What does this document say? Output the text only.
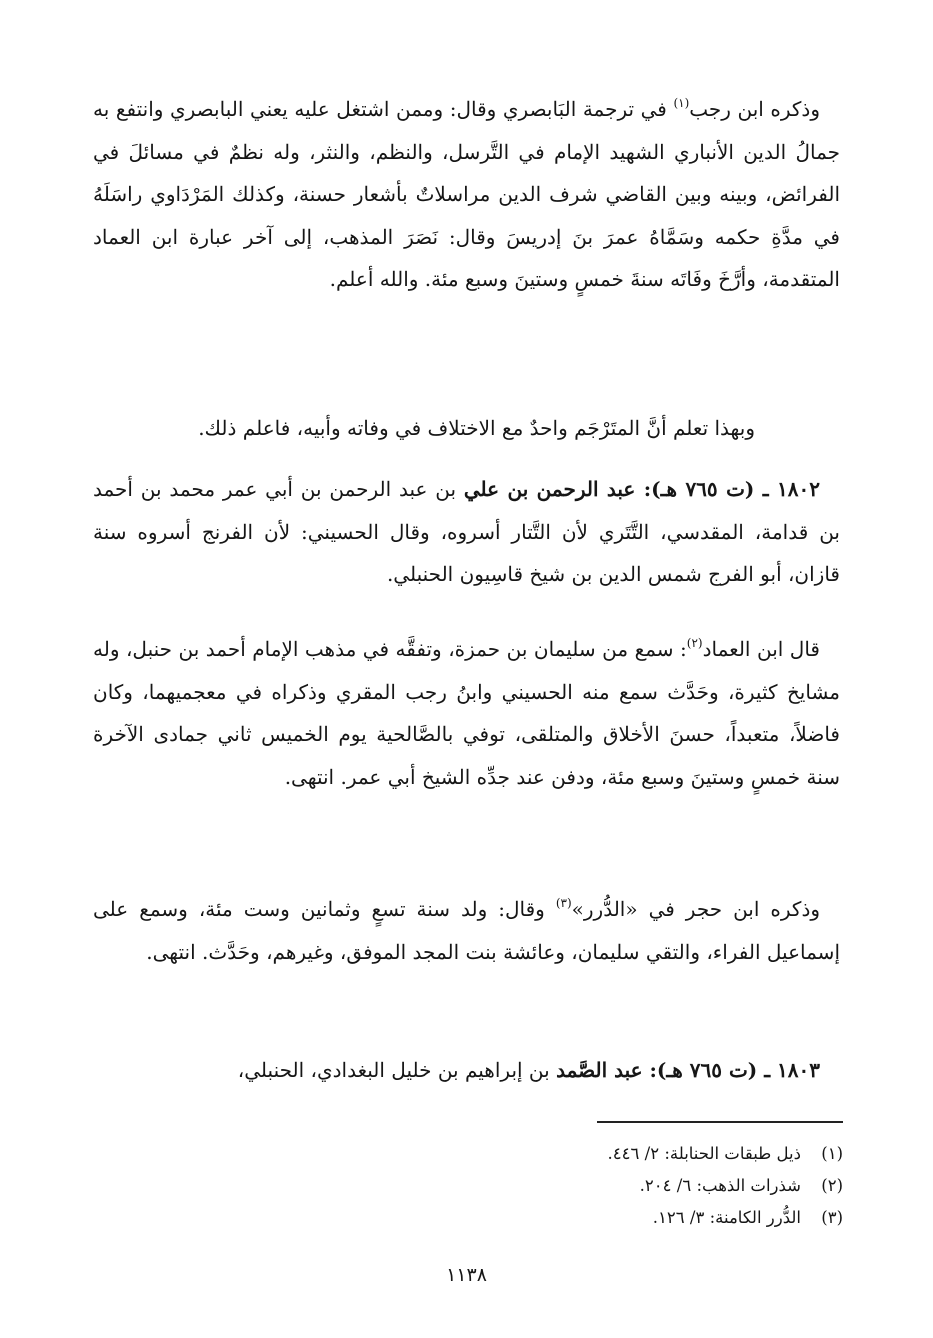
وذكره ابن رجب$^{(١)}$ في ترجمة البَابصري وقال: وممن اشتغل عليه يعني البابصري وانتفع به جمالُ الدين الأنباري الشهيد الإمام في التَّرسل، والنظم، والنثر، وله نظمٌ في مسائلَ في الفرائض، وبينه وبين القاضي شرف الدين مراسلاتٌ بأشعار حسنة، وكذلك المَرْدَاوي راسَلَهُ في مدَّةِ حكمه وسَمَّاهُ عمرَ بنَ إدريسَ وقال: نَصَرَ المذهب، إلى آخر عبارة ابن العماد المتقدمة، وأرَّخَ وفَاتَه سنةَ خمسٍ وستينَ وسبع مئة. والله أعلم.

وبهذا تعلم أنَّ المتَرْجَم واحدٌ مع الاختلاف في وفاته وأبيه، فاعلم ذلك.

١٨٠٢ ـ (ت ٧٦٥ هـ): عبد الرحمن بن علي بن عبد الرحمن بن أبي عمر محمد بن أحمد بن قدامة، المقدسي، التَّتَري لأن التَّتار أسروه، وقال الحسيني: لأن الفرنج أسروه سنة قازان، أبو الفرج شمس الدين بن شيخ قاسِيون الحنبلي.

قال ابن العماد$^{(٢)}$: سمع من سليمان بن حمزة، وتفقَّه في مذهب الإمام أحمد بن حنبل، وله مشايخ كثيرة، وحَدَّث سمع منه الحسيني وابنُ رجب المقري وذكراه في معجميهما، وكان فاضلاً، متعبداً، حسنَ الأخلاق والمتلقى، توفي بالصَّالحية يوم الخميس ثاني جمادى الآخرة سنة خمسٍ وستينَ وسبع مئة، ودفن عند جدِّه الشيخ أبي عمر. انتهى.

وذكره ابن حجر في «الدُّرر»$^{(٣)}$ وقال: ولد سنة تسعٍ وثمانين وست مئة، وسمع على إسماعيل الفراء، والتقي سليمان، وعائشة بنت المجد الموفق، وغيرهم، وحَدَّث. انتهى.

١٨٠٣ ـ (ت ٧٦٥ هـ): عبد الصَّمد بن إبراهيم بن خليل البغدادي، الحنبلي،

(١)ذيل طبقات الحنابلة: ٢/ ٤٤٦.
(٢)شذرات الذهب: ٦/ ٢٠٤.
(٣)الدُّرر الكامنة: ٣/ ١٢٦.
١١٣٨
